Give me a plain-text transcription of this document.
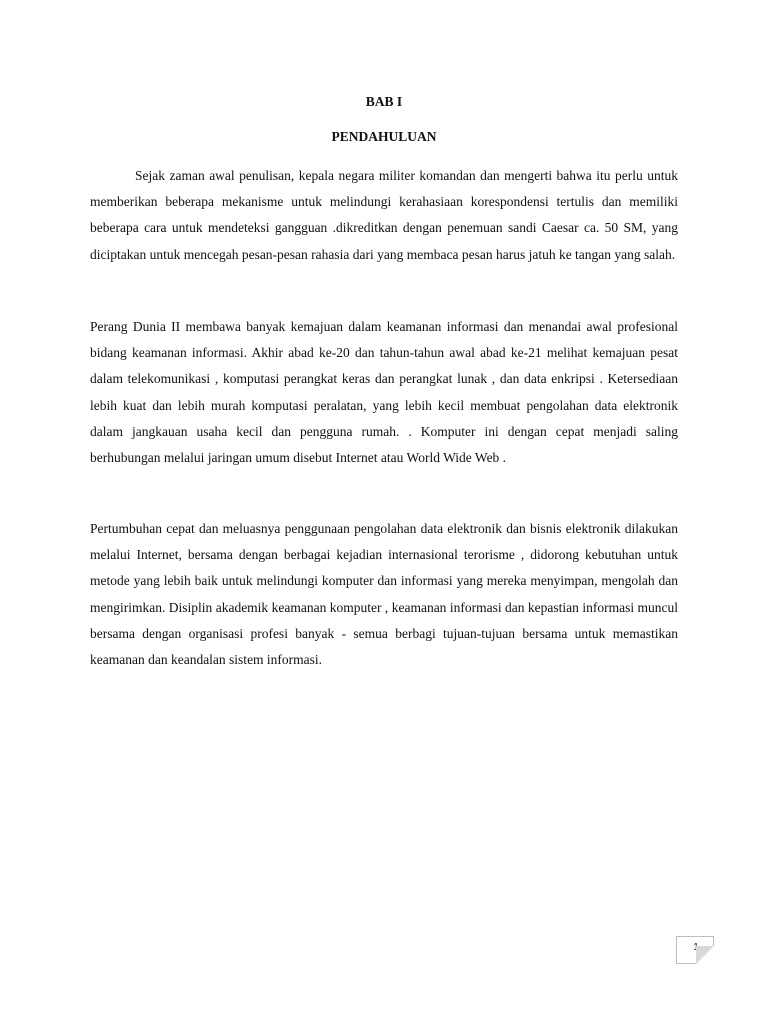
BAB I
PENDAHULUAN

Sejak zaman awal penulisan, kepala negara militer komandan dan mengerti bahwa itu perlu untuk memberikan beberapa mekanisme untuk melindungi kerahasiaan korespondensi tertulis dan memiliki beberapa cara untuk mendeteksi gangguan .dikreditkan dengan penemuan sandi Caesar ca. 50 SM, yang diciptakan untuk mencegah pesan-pesan rahasia dari yang membaca pesan harus jatuh ke tangan yang salah.

Perang Dunia II membawa banyak kemajuan dalam keamanan informasi dan menandai awal profesional bidang keamanan informasi. Akhir abad ke-20 dan tahun-tahun awal abad ke-21 melihat kemajuan pesat dalam telekomunikasi , komputasi perangkat keras dan perangkat lunak , dan data enkripsi . Ketersediaan lebih kuat dan lebih murah komputasi peralatan, yang lebih kecil membuat pengolahan data elektronik dalam jangkauan usaha kecil dan pengguna rumah. . Komputer ini dengan cepat menjadi saling berhubungan melalui jaringan umum disebut Internet atau World Wide Web .

Pertumbuhan cepat dan meluasnya penggunaan pengolahan data elektronik dan bisnis elektronik dilakukan melalui Internet, bersama dengan berbagai kejadian internasional terorisme , didorong kebutuhan untuk metode yang lebih baik untuk melindungi komputer dan informasi yang mereka menyimpan, mengolah dan mengirimkan. Disiplin akademik keamanan komputer , keamanan informasi dan kepastian informasi muncul bersama dengan organisasi profesi banyak - semua berbagi tujuan-tujuan bersama untuk memastikan keamanan dan keandalan sistem informasi.

1
